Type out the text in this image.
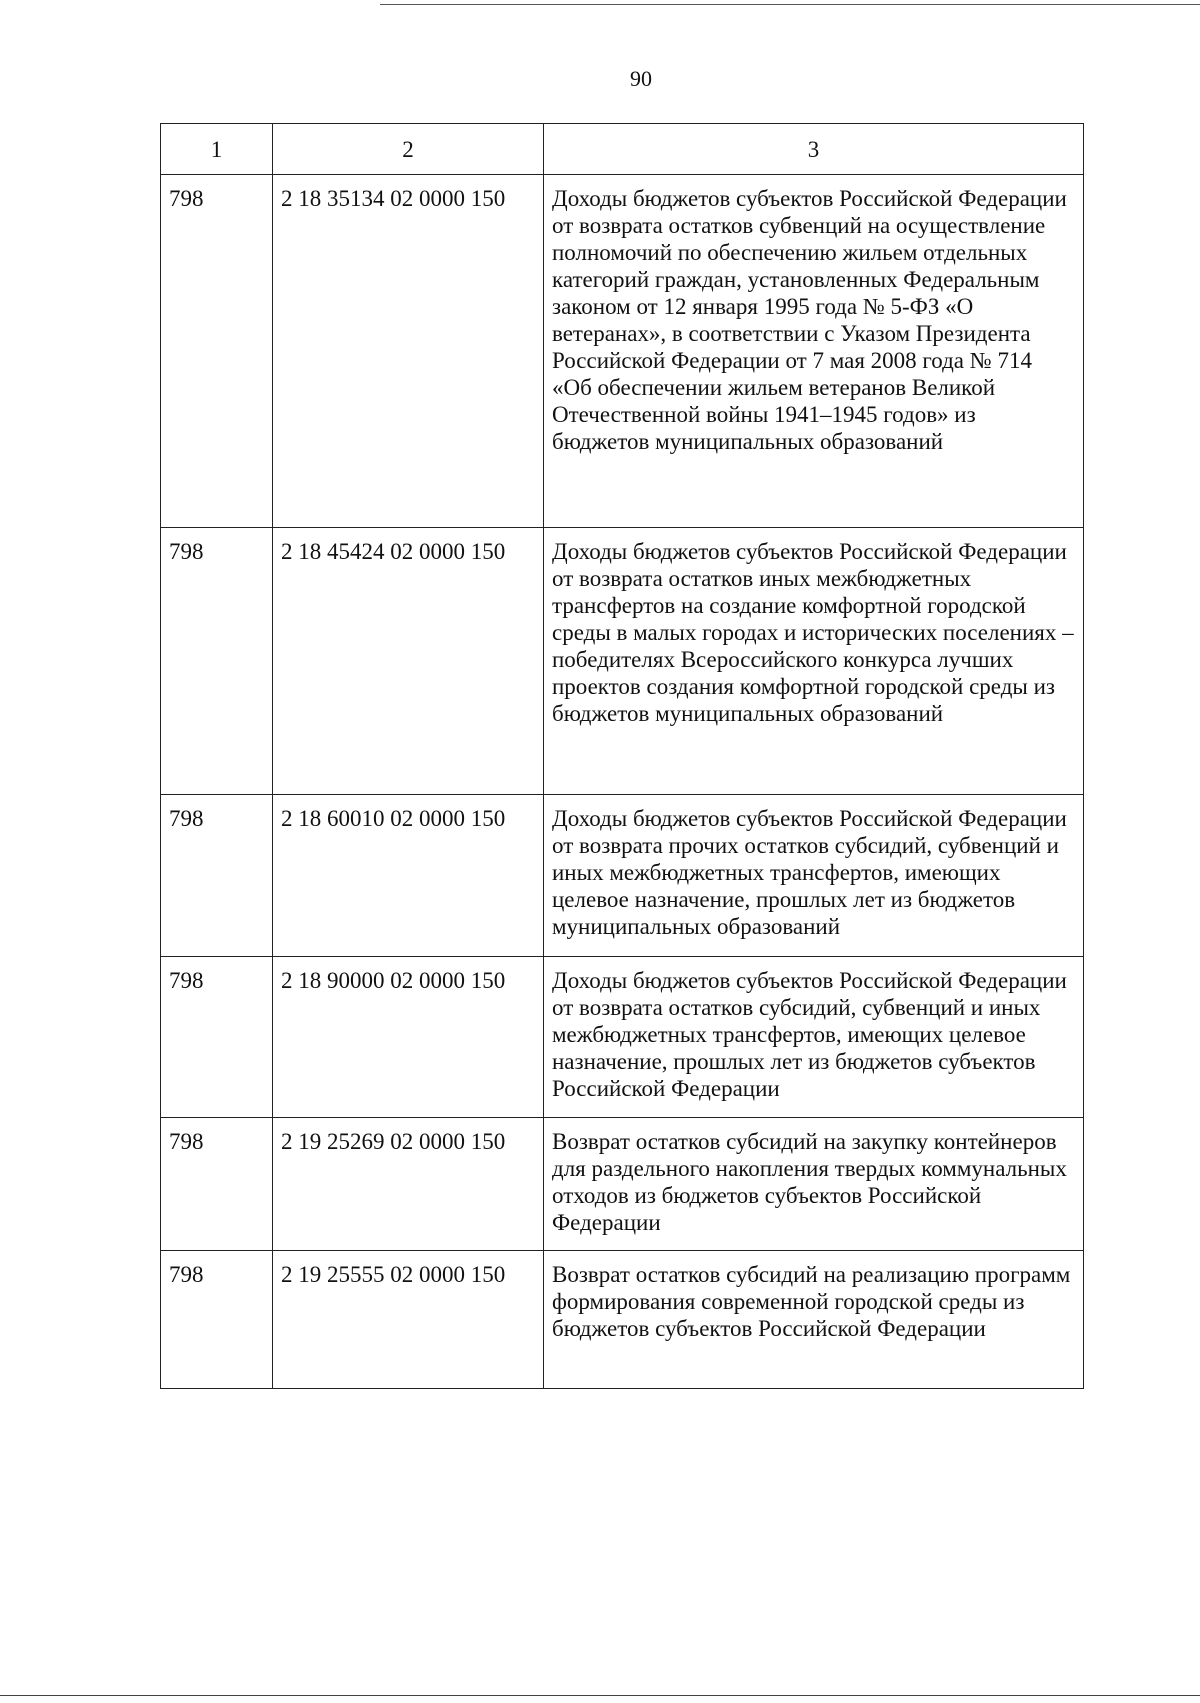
90
1	2	3
798	2 18 35134 02 0000 150	Доходы бюджетов субъектов Российской Федерации от возврата остатков субвенций на осуществление полномочий по обеспечению жильем отдельных категорий граждан, установленных Федеральным законом от 12 января 1995 года № 5-ФЗ «О ветеранах», в соответствии с Указом Президента Российской Федерации от 7 мая 2008 года № 714 «Об обеспечении жильем ветеранов Великой Отечественной войны 1941–1945 годов» из бюджетов муниципальных образований
798	2 18 45424 02 0000 150	Доходы бюджетов субъектов Российской Федерации от возврата остатков иных межбюджетных трансфертов на создание комфортной городской среды в малых городах и исторических поселениях – победителях Всероссийского конкурса лучших проектов создания комфортной городской среды из бюджетов муниципальных образований
798	2 18 60010 02 0000 150	Доходы бюджетов субъектов Российской Федерации от возврата прочих остатков субсидий, субвенций и иных межбюджетных трансфертов, имеющих целевое назначение, прошлых лет из бюджетов муниципальных образований
798	2 18 90000 02 0000 150	Доходы бюджетов субъектов Российской Федерации от возврата остатков субсидий, субвенций и иных межбюджетных трансфертов, имеющих целевое назначение, прошлых лет из бюджетов субъектов Российской Федерации
798	2 19 25269 02 0000 150	Возврат остатков субсидий на закупку контейнеров для раздельного накопления твердых коммунальных отходов из бюджетов субъектов Российской Федерации
798	2 19 25555 02 0000 150	Возврат остатков субсидий на реализацию программ формирования современной городской среды из бюджетов субъектов Российской Федерации
